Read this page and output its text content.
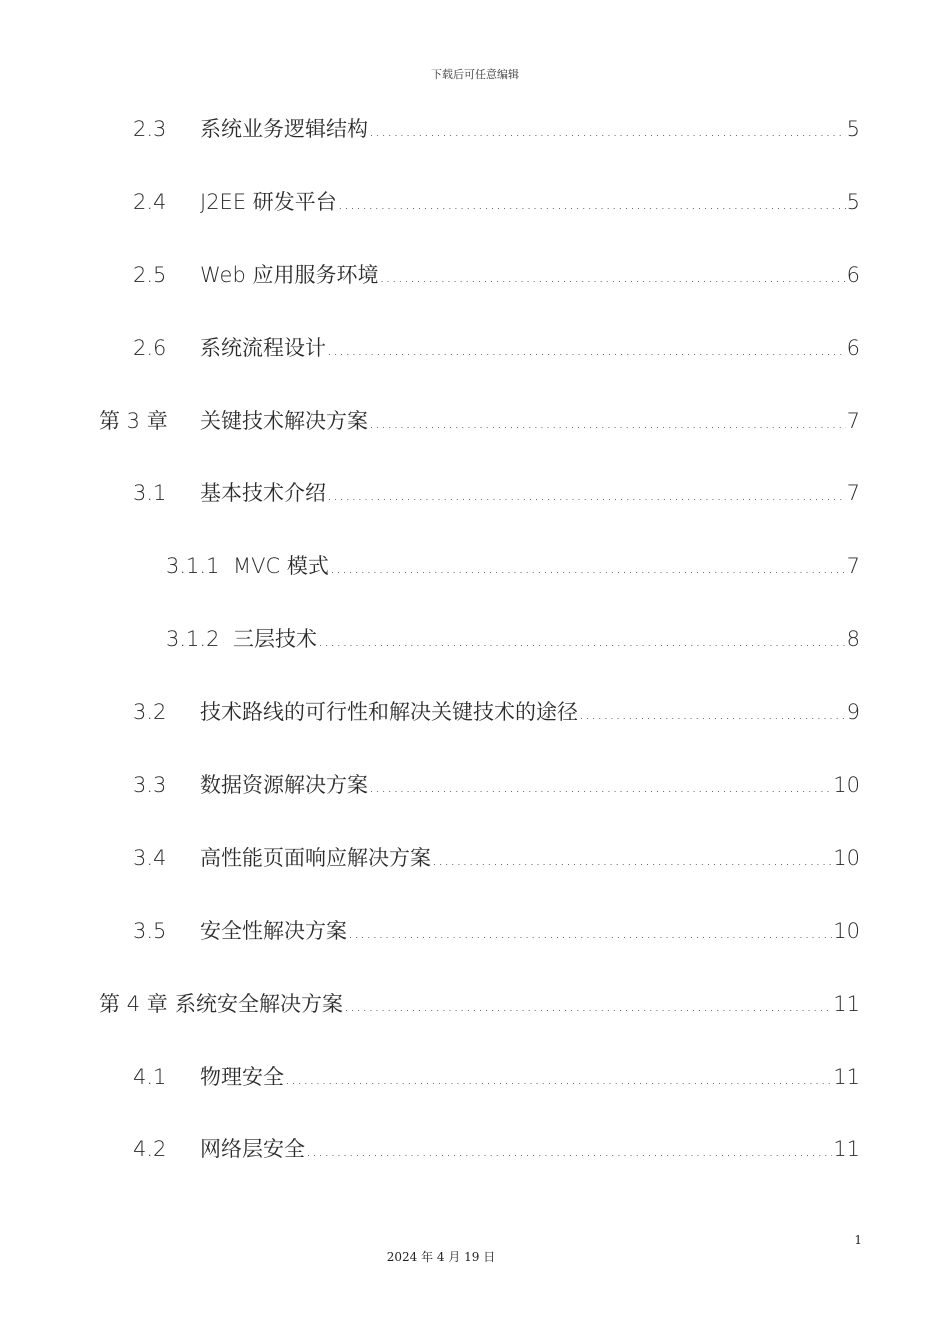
下载后可任意编辑
2.3	系统业务逻辑结构 .....	5
2.4	J2EE 研发平台 .....	5
2.5	Web 应用服务环境 .....	6
2.6	系统流程设计 .....	6
第 3 章	关键技术解决方案 .....	7
3.1	基本技术介绍 .....	7
3.1.1 MVC 模式 .....	7
3.1.2 三层技术 .....	8
3.2	技术路线的可行性和解决关键技术的途径 .....	9
3.3	数据资源解决方案 .....	10
3.4	高性能页面响应解决方案 .....	10
3.5	安全性解决方案 .....	10
第 4 章 系统安全解决方案 .....	11
4.1	物理安全 .....	11
4.2	网络层安全 .....	11
1
2024 年 4 月 19 日
